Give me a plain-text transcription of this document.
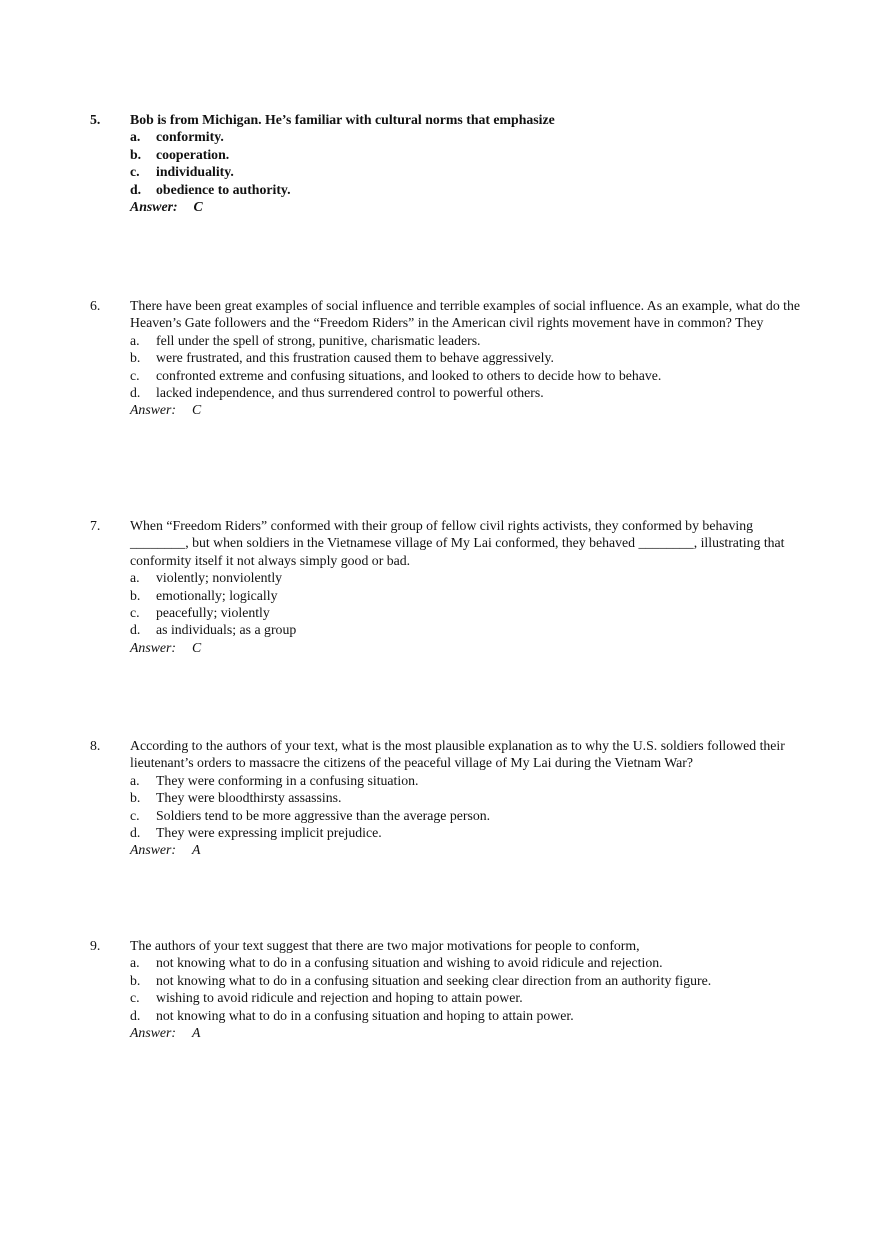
5. Bob is from Michigan. He’s familiar with cultural norms that emphasize

a.	conformity.
b.	cooperation.
c.	individuality.
d.	obedience to authority.
Answer: C
6. There have been great examples of social influence and terrible examples of social influence. As an example, what do the Heaven’s Gate followers and the “Freedom Riders” in the American civil rights movement have in common? They

a.	fell under the spell of strong, punitive, charismatic leaders.
b.	were frustrated, and this frustration caused them to behave aggressively.
c.	confronted extreme and confusing situations, and looked to others to decide how to behave.
d.	lacked independence, and thus surrendered control to powerful others.
Answer: C
7. When “Freedom Riders” conformed with their group of fellow civil rights activists, they conformed by behaving ________, but when soldiers in the Vietnamese village of My Lai conformed, they behaved ________, illustrating that conformity itself it not always simply good or bad.

a.	violently; nonviolently
b.	emotionally; logically
c.	peacefully; violently
d.	as individuals; as a group
Answer: C
8. According to the authors of your text, what is the most plausible explanation as to why the U.S. soldiers followed their lieutenant’s orders to massacre the citizens of the peaceful village of My Lai during the Vietnam War?

a.	They were conforming in a confusing situation.
b.	They were bloodthirsty assassins.
c.	Soldiers tend to be more aggressive than the average person.
d.	They were expressing implicit prejudice.
Answer: A
9. The authors of your text suggest that there are two major motivations for people to conform,

a.	not knowing what to do in a confusing situation and wishing to avoid ridicule and rejection.
b.	not knowing what to do in a confusing situation and seeking clear direction from an authority figure.
c.	wishing to avoid ridicule and rejection and hoping to attain power.
d.	not knowing what to do in a confusing situation and hoping to attain power.
Answer: A
